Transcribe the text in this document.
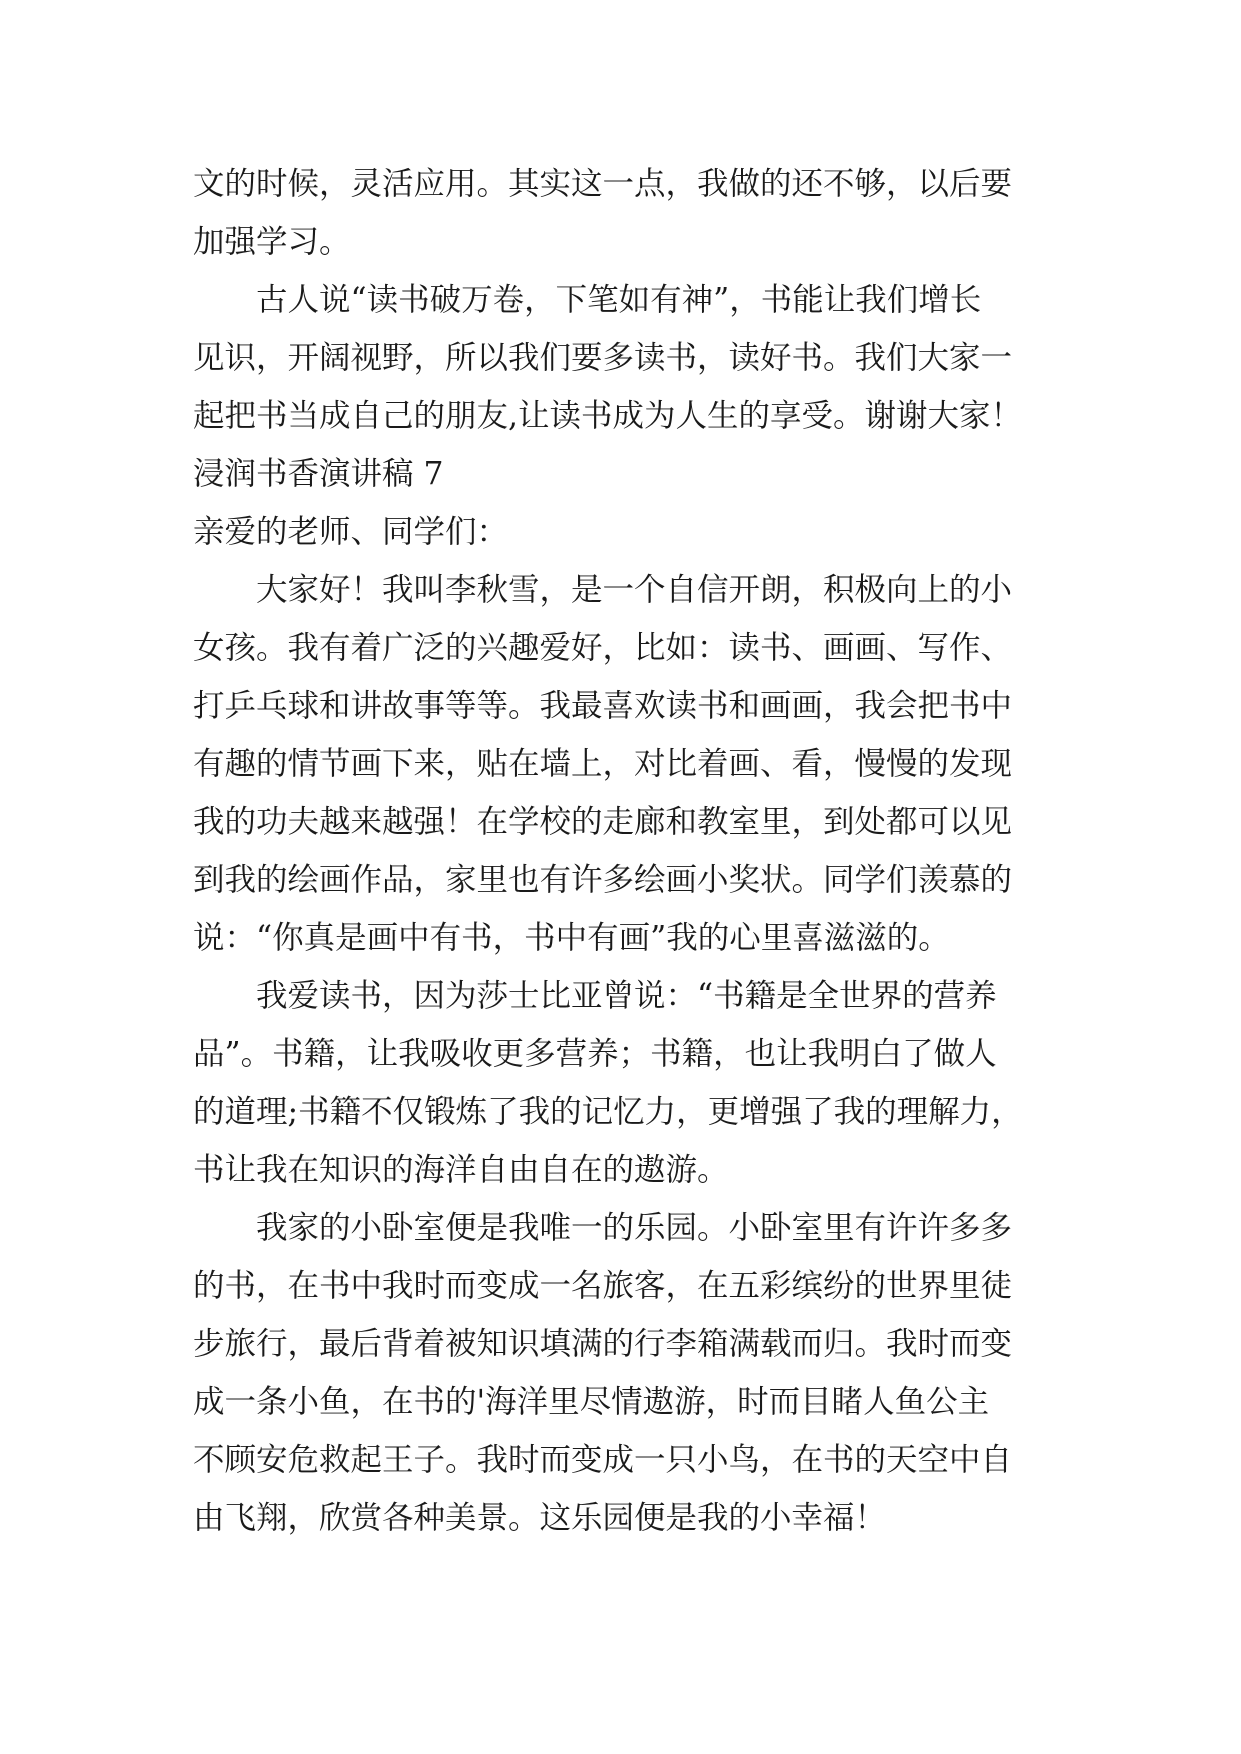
文的时候，灵活应用。其实这一点，我做的还不够，以后要
加强学习。
　　古人说“读书破万卷，下笔如有神”，书能让我们增长
见识，开阔视野，所以我们要多读书，读好书。我们大家一
起把书当成自己的朋友,让读书成为人生的享受。谢谢大家！
浸润书香演讲稿 7
亲爱的老师、同学们：
　　大家好！我叫李秋雪，是一个自信开朗，积极向上的小
女孩。我有着广泛的兴趣爱好，比如：读书、画画、写作、
打乒乓球和讲故事等等。我最喜欢读书和画画，我会把书中
有趣的情节画下来，贴在墙上，对比着画、看，慢慢的发现
我的功夫越来越强！在学校的走廊和教室里，到处都可以见
到我的绘画作品，家里也有许多绘画小奖状。同学们羡慕的
说：“你真是画中有书，书中有画”我的心里喜滋滋的。
　　我爱读书，因为莎士比亚曾说：“书籍是全世界的营养
品”。书籍，让我吸收更多营养；书籍，也让我明白了做人
的道理;书籍不仅锻炼了我的记忆力，更增强了我的理解力，
书让我在知识的海洋自由自在的遨游。
　　我家的小卧室便是我唯一的乐园。小卧室里有许许多多
的书，在书中我时而变成一名旅客，在五彩缤纷的世界里徒
步旅行，最后背着被知识填满的行李箱满载而归。我时而变
成一条小鱼，在书的'海洋里尽情遨游，时而目睹人鱼公主
不顾安危救起王子。我时而变成一只小鸟，在书的天空中自
由飞翔，欣赏各种美景。这乐园便是我的小幸福！
